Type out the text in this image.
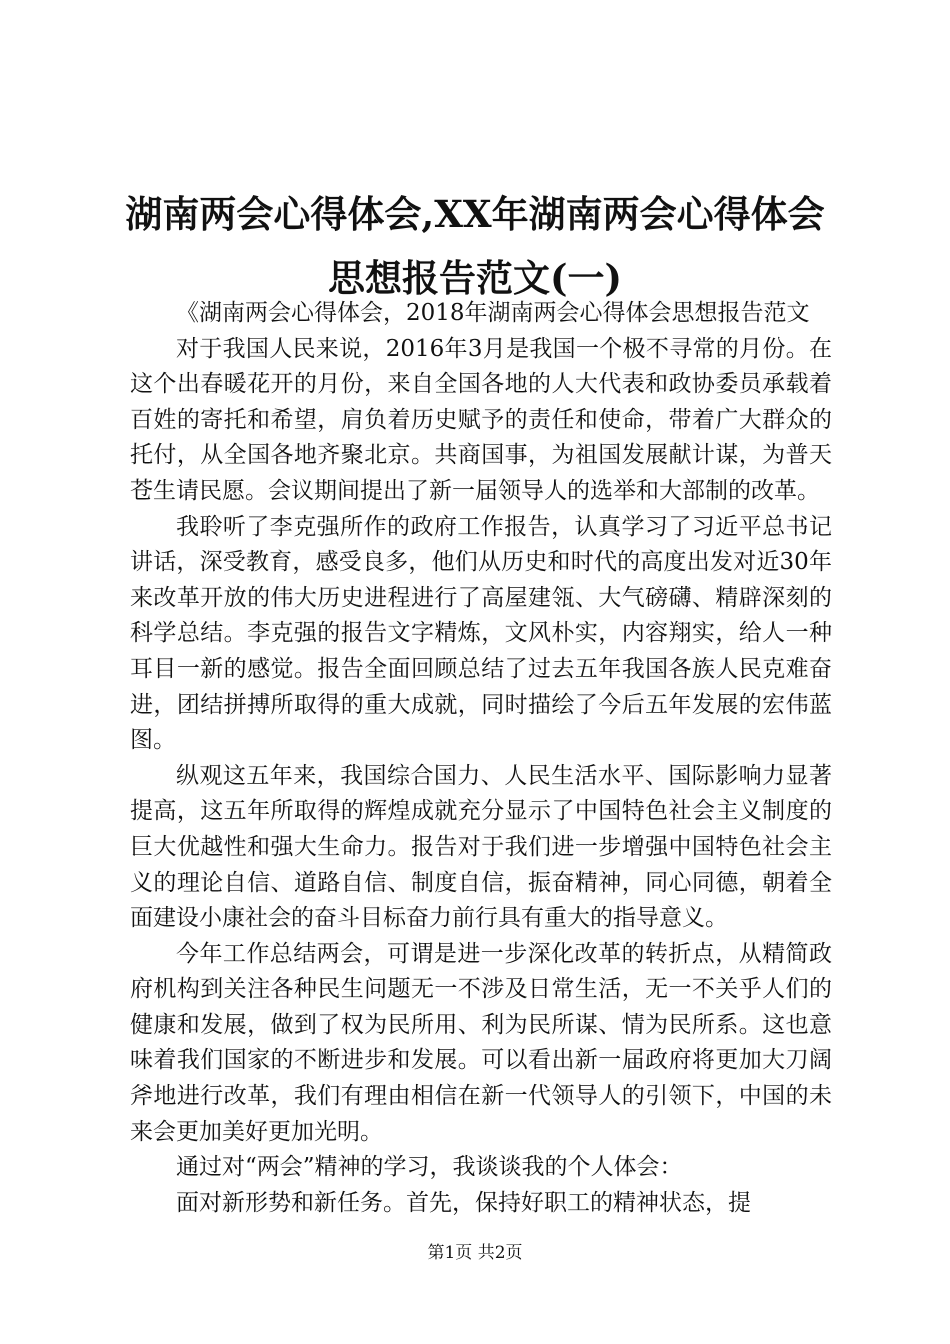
湖南两会心得体会,XX年湖南两会心得体会思想报告范文(一)

《湖南两会心得体会，2018年湖南两会心得体会思想报告范文

对于我国人民来说，2016年3月是我国一个极不寻常的月份。在这个出春暖花开的月份，来自全国各地的人大代表和政协委员承载着百姓的寄托和希望，肩负着历史赋予的责任和使命，带着广大群众的托付，从全国各地齐聚北京。共商国事，为祖国发展献计谋，为普天苍生请民愿。会议期间提出了新一届领导人的选举和大部制的改革。

我聆听了李克强所作的政府工作报告，认真学习了习近平总书记讲话，深受教育，感受良多，他们从历史和时代的高度出发对近30年来改革开放的伟大历史进程进行了高屋建瓴、大气磅礴、精辟深刻的科学总结。李克强的报告文字精炼，文风朴实，内容翔实，给人一种耳目一新的感觉。报告全面回顾总结了过去五年我国各族人民克难奋进，团结拼搏所取得的重大成就，同时描绘了今后五年发展的宏伟蓝图。

纵观这五年来，我国综合国力、人民生活水平、国际影响力显著提高，这五年所取得的辉煌成就充分显示了中国特色社会主义制度的巨大优越性和强大生命力。报告对于我们进一步增强中国特色社会主义的理论自信、道路自信、制度自信，振奋精神，同心同德，朝着全面建设小康社会的奋斗目标奋力前行具有重大的指导意义。

今年工作总结两会，可谓是进一步深化改革的转折点，从精简政府机构到关注各种民生问题无一不涉及日常生活，无一不关乎人们的健康和发展，做到了权为民所用、利为民所谋、情为民所系。这也意味着我们国家的不断进步和发展。可以看出新一届政府将更加大刀阔斧地进行改革，我们有理由相信在新一代领导人的引领下，中国的未来会更加美好更加光明。

通过对“两会”精神的学习，我谈谈我的个人体会：

面对新形势和新任务。首先，保持好职工的精神状态，提

第1页 共2页
